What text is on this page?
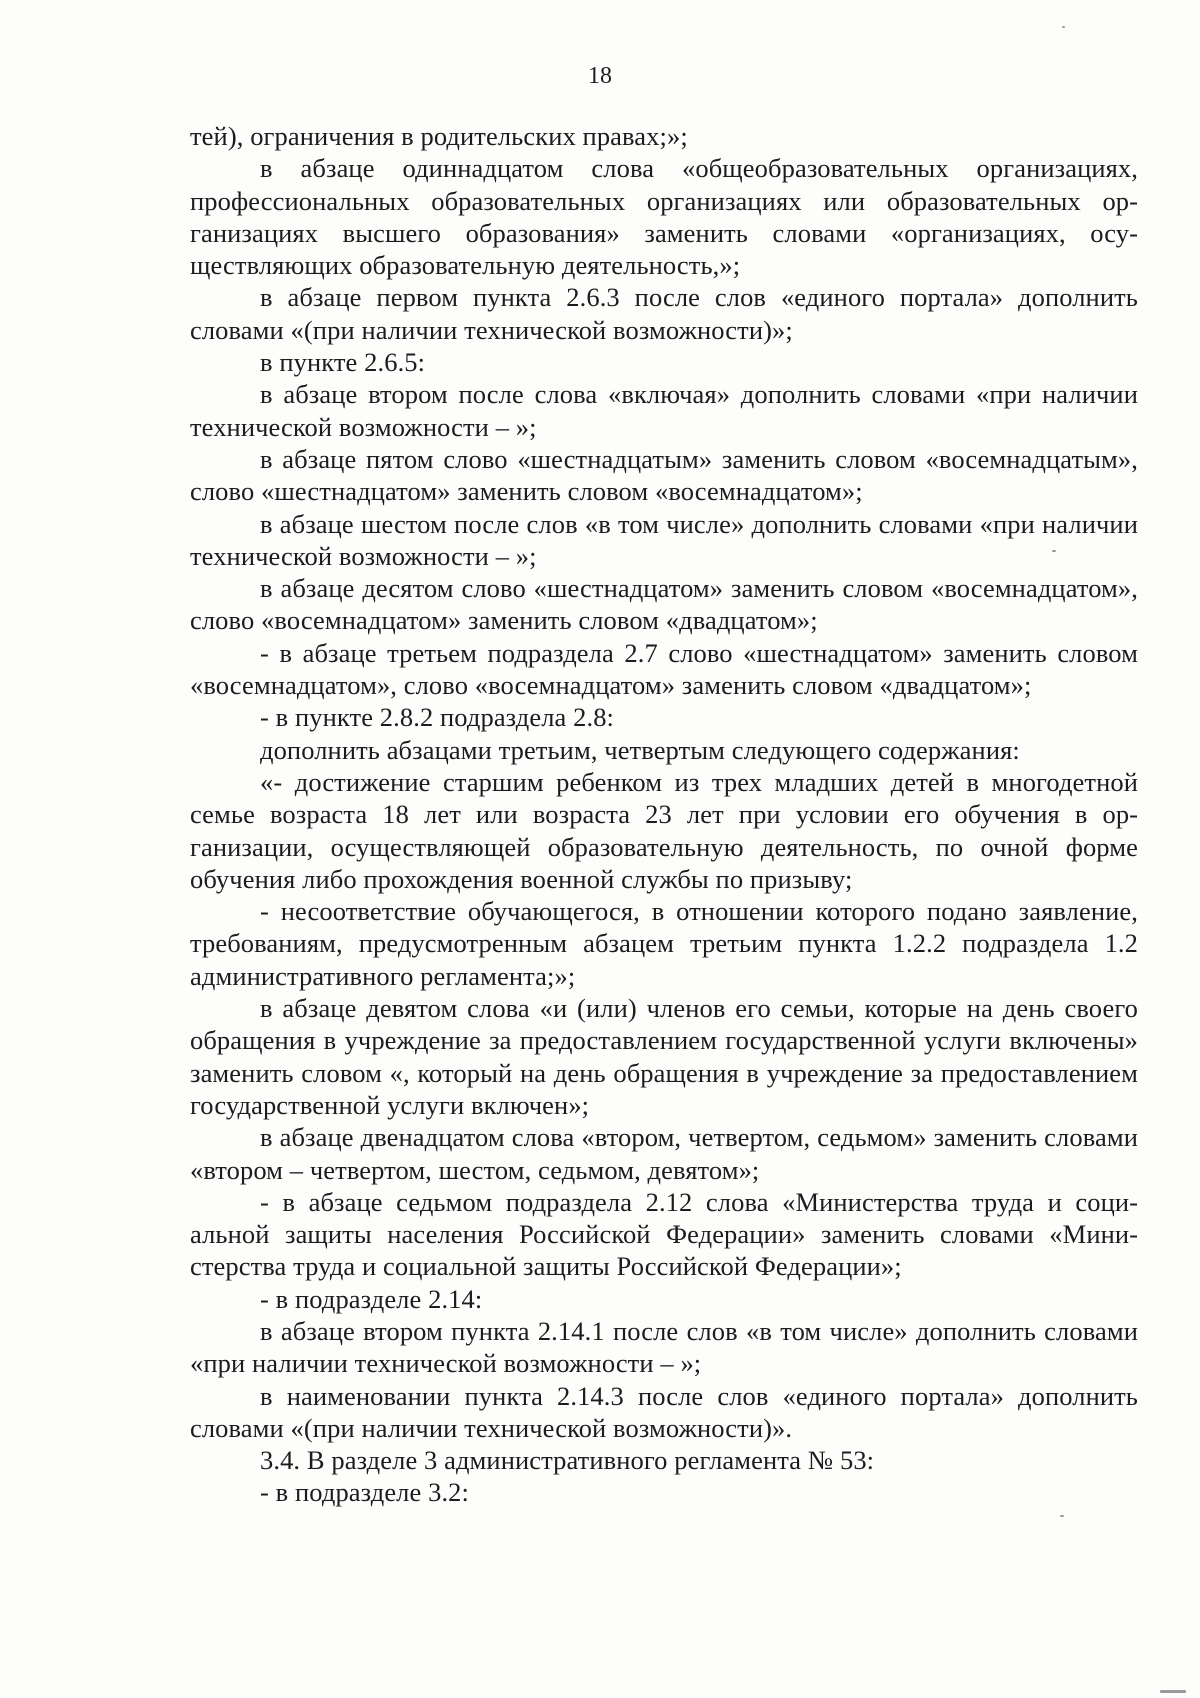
18

тей), ограничения в родительских правах;»;

в абзаце одиннадцатом слова «общеобразовательных организациях, профессиональных образовательных организациях или образовательных организациях высшего образования» заменить словами «организациях, осуществляющих образовательную деятельность,»;

в абзаце первом пункта 2.6.3 после слов «единого портала» дополнить словами «(при наличии технической возможности)»;

в пункте 2.6.5:

в абзаце втором после слова «включая» дополнить словами «при наличии технической возможности – »;

в абзаце пятом слово «шестнадцатым» заменить словом «восемнадцатым», слово «шестнадцатом» заменить словом «восемнадцатом»;

в абзаце шестом после слов «в том числе» дополнить словами «при наличии технической возможности – »;

в абзаце десятом слово «шестнадцатом» заменить словом «восемнадцатом», слово «восемнадцатом» заменить словом «двадцатом»;

- в абзаце третьем подраздела 2.7 слово «шестнадцатом» заменить словом «восемнадцатом», слово «восемнадцатом» заменить словом «двадцатом»;

- в пункте 2.8.2 подраздела 2.8:

дополнить абзацами третьим, четвертым следующего содержания:

«- достижение старшим ребенком из трех младших детей в многодетной семье возраста 18 лет или возраста 23 лет при условии его обучения в организации, осуществляющей образовательную деятельность, по очной форме обучения либо прохождения военной службы по призыву;

- несоответствие обучающегося, в отношении которого подано заявление, требованиям, предусмотренным абзацем третьим пункта 1.2.2 подраздела 1.2 административного регламента;»;

в абзаце девятом слова «и (или) членов его семьи, которые на день своего обращения в учреждение за предоставлением государственной услуги включены» заменить словом «, который на день обращения в учреждение за предоставлением государственной услуги включен»;

в абзаце двенадцатом слова «втором, четвертом, седьмом» заменить словами «втором – четвертом, шестом, седьмом, девятом»;

- в абзаце седьмом подраздела 2.12 слова «Министерства труда и социальной защиты населения Российской Федерации» заменить словами «Министерства труда и социальной защиты Российской Федерации»;

- в подразделе 2.14:

в абзаце втором пункта 2.14.1 после слов «в том числе» дополнить словами «при наличии технической возможности – »;

в наименовании пункта 2.14.3 после слов «единого портала» дополнить словами «(при наличии технической возможности)».

3.4. В разделе 3 административного регламента № 53:

- в подразделе 3.2:
